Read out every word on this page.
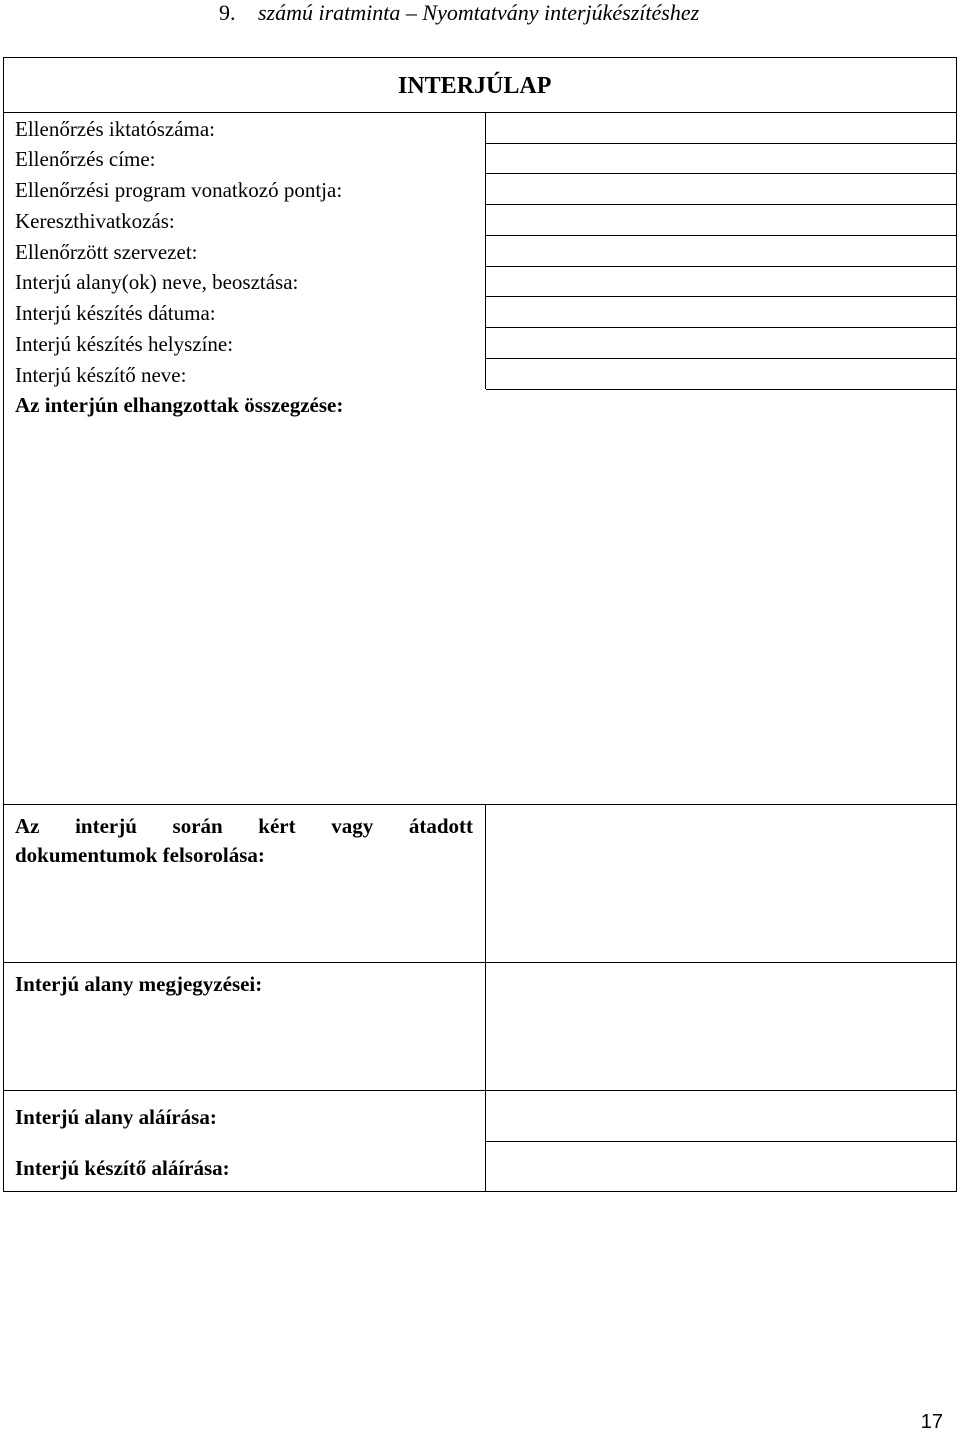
9. számú iratminta – Nyomtatvány interjúkészítéshez
INTERJÚLAP
Ellenőrzés iktatószáma:
Ellenőrzés címe:
Ellenőrzési program vonatkozó pontja:
Kereszthivatkozás:
Ellenőrzött szervezet:
Interjú alany(ok) neve, beosztása:
Interjú készítés dátuma:
Interjú készítés helyszíne:
Interjú készítő neve:
Az interjún elhangzottak összegzése:
Az interjú során kért vagy átadott
dokumentumok felsorolása:
Interjú alany megjegyzései:
Interjú alany aláírása:
Interjú készítő aláírása:
17
